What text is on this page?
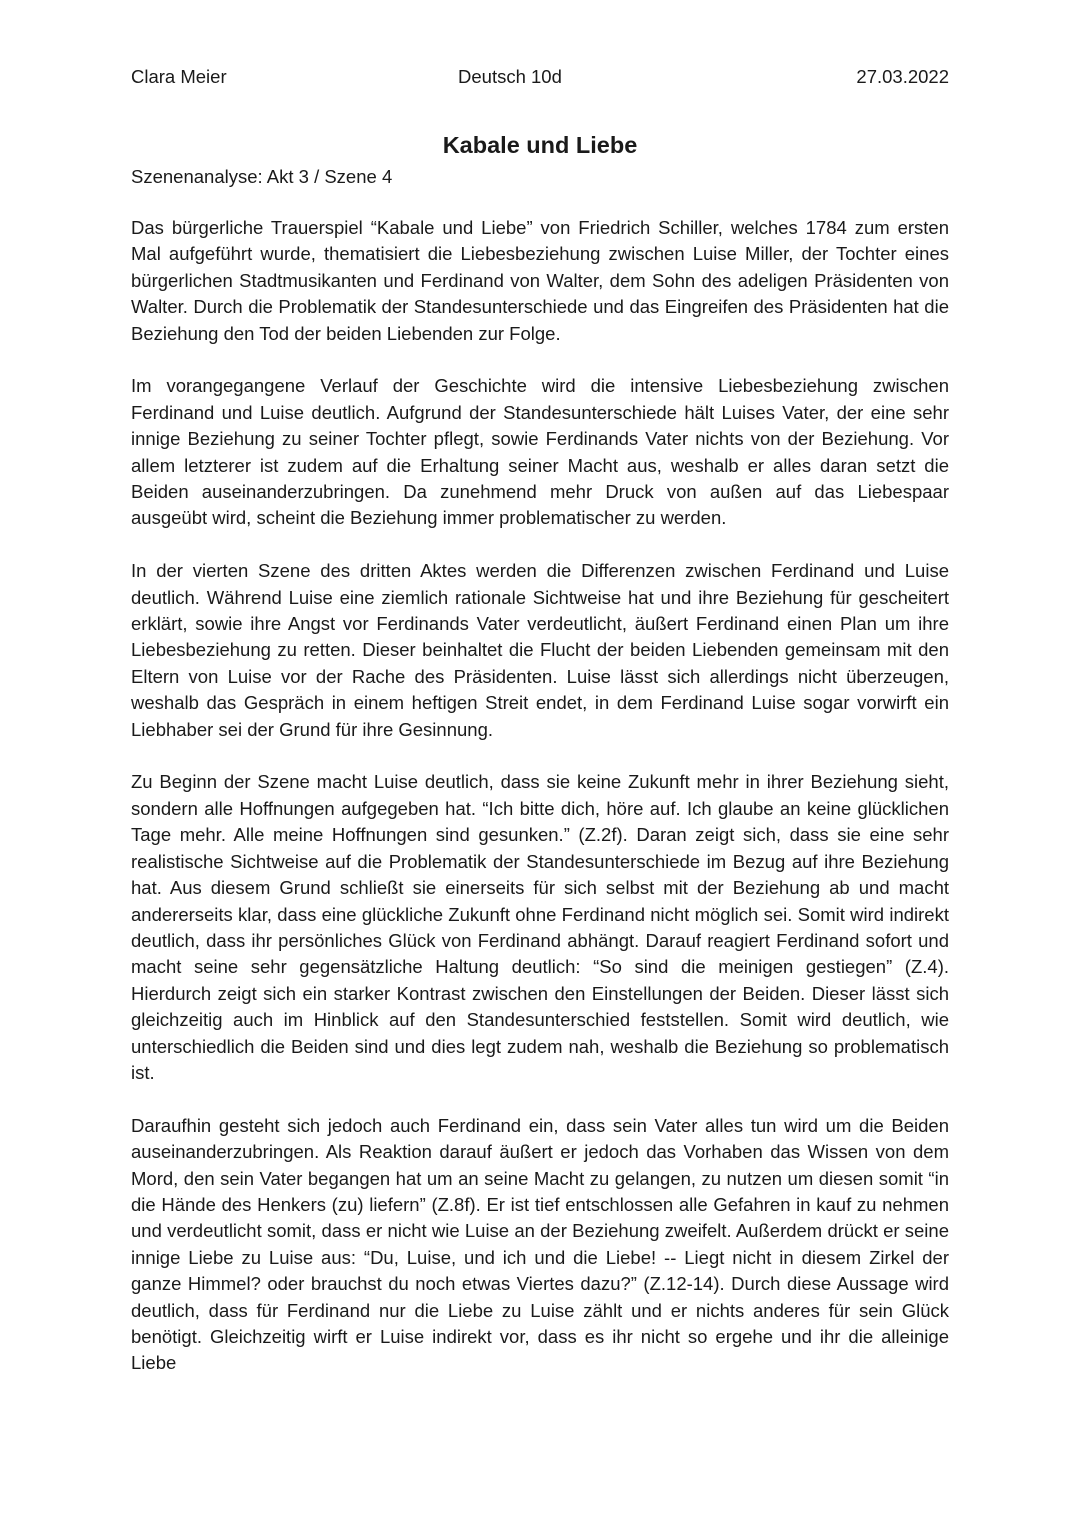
Clara Meier	Deutsch 10d	27.03.2022
Kabale und Liebe
Szenenanalyse: Akt 3 / Szene 4

Das bürgerliche Trauerspiel “Kabale und Liebe” von Friedrich Schiller, welches 1784 zum ersten Mal aufgeführt wurde, thematisiert die Liebesbeziehung zwischen Luise Miller, der Tochter eines bürgerlichen Stadtmusikanten und Ferdinand von Walter, dem Sohn des adeligen Präsidenten von Walter. Durch die Problematik der Standesunterschiede und das Eingreifen des Präsidenten hat die Beziehung den Tod der beiden Liebenden zur Folge.

Im vorangegangene Verlauf der Geschichte wird die intensive Liebesbeziehung zwischen Ferdinand und Luise deutlich. Aufgrund der Standesunterschiede hält Luises Vater, der eine sehr innige Beziehung zu seiner Tochter pflegt, sowie Ferdinands Vater nichts von der Beziehung. Vor allem letzterer ist zudem auf die Erhaltung seiner Macht aus, weshalb er alles daran setzt die Beiden auseinanderzubringen. Da zunehmend mehr Druck von außen auf das Liebespaar ausgeübt wird, scheint die Beziehung immer problematischer zu werden.

In der vierten Szene des dritten Aktes werden die Differenzen zwischen Ferdinand und Luise deutlich. Während Luise eine ziemlich rationale Sichtweise hat und ihre Beziehung für gescheitert erklärt, sowie ihre Angst vor Ferdinands Vater verdeutlicht, äußert Ferdinand einen Plan um ihre Liebesbeziehung zu retten. Dieser beinhaltet die Flucht der beiden Liebenden gemeinsam mit den Eltern von Luise vor der Rache des Präsidenten. Luise lässt sich allerdings nicht überzeugen, weshalb das Gespräch in einem heftigen Streit endet, in dem Ferdinand Luise sogar vorwirft ein Liebhaber sei der Grund für ihre Gesinnung.

Zu Beginn der Szene macht Luise deutlich, dass sie keine Zukunft mehr in ihrer Beziehung sieht, sondern alle Hoffnungen aufgegeben hat. “Ich bitte dich, höre auf. Ich glaube an keine glücklichen Tage mehr. Alle meine Hoffnungen sind gesunken.” (Z.2f). Daran zeigt sich, dass sie eine sehr realistische Sichtweise auf die Problematik der Standesunterschiede im Bezug auf ihre Beziehung hat. Aus diesem Grund schließt sie einerseits für sich selbst mit der Beziehung ab und macht andererseits klar, dass eine glückliche Zukunft ohne Ferdinand nicht möglich sei. Somit wird indirekt deutlich, dass ihr persönliches Glück von Ferdinand abhängt. Darauf reagiert Ferdinand sofort und macht seine sehr gegensätzliche Haltung deutlich: “So sind die meinigen gestiegen” (Z.4). Hierdurch zeigt sich ein starker Kontrast zwischen den Einstellungen der Beiden. Dieser lässt sich gleichzeitig auch im Hinblick auf den Standesunterschied feststellen. Somit wird deutlich, wie unterschiedlich die Beiden sind und dies legt zudem nah, weshalb die Beziehung so problematisch ist.

Daraufhin gesteht sich jedoch auch Ferdinand ein, dass sein Vater alles tun wird um die Beiden auseinanderzubringen. Als Reaktion darauf äußert er jedoch das Vorhaben das Wissen von dem Mord, den sein Vater begangen hat um an seine Macht zu gelangen, zu nutzen um diesen somit “in die Hände des Henkers (zu) liefern” (Z.8f). Er ist tief entschlossen alle Gefahren in kauf zu nehmen und verdeutlicht somit, dass er nicht wie Luise an der Beziehung zweifelt. Außerdem drückt er seine innige Liebe zu Luise aus: “Du, Luise, und ich und die Liebe! -- Liegt nicht in diesem Zirkel der ganze Himmel? oder brauchst du noch etwas Viertes dazu?” (Z.12-14). Durch diese Aussage wird deutlich, dass für Ferdinand nur die Liebe zu Luise zählt und er nichts anderes für sein Glück benötigt. Gleichzeitig wirft er Luise indirekt vor, dass es ihr nicht so ergehe und ihr die alleinige Liebe
